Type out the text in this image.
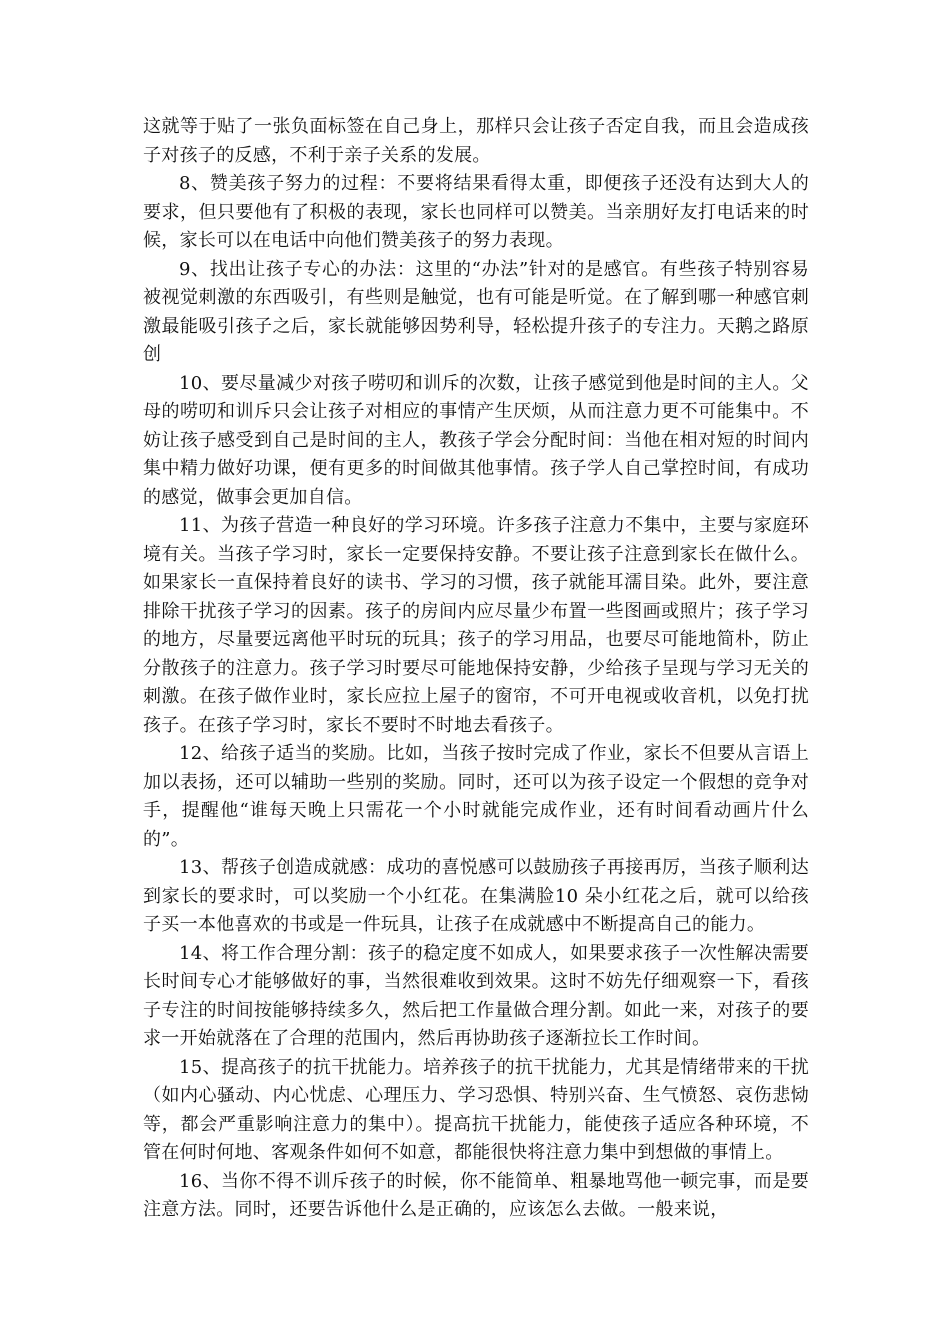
这就等于贴了一张负面标签在自己身上，那样只会让孩子否定自我，而且会造成孩子对孩子的反感，不利于亲子关系的发展。

8、赞美孩子努力的过程：不要将结果看得太重，即便孩子还没有达到大人的要求，但只要他有了积极的表现，家长也同样可以赞美。当亲朋好友打电话来的时候，家长可以在电话中向他们赞美孩子的努力表现。

9、找出让孩子专心的办法：这里的“办法”针对的是感官。有些孩子特别容易被视觉刺激的东西吸引，有些则是触觉，也有可能是听觉。在了解到哪一种感官刺激最能吸引孩子之后，家长就能够因势利导，轻松提升孩子的专注力。天鹅之路原创

10、要尽量减少对孩子唠叨和训斥的次数，让孩子感觉到他是时间的主人。父母的唠叨和训斥只会让孩子对相应的事情产生厌烦，从而注意力更不可能集中。不妨让孩子感受到自己是时间的主人，教孩子学会分配时间：当他在相对短的时间内集中精力做好功课，便有更多的时间做其他事情。孩子学人自己掌控时间，有成功的感觉，做事会更加自信。

11、为孩子营造一种良好的学习环境。许多孩子注意力不集中，主要与家庭环境有关。当孩子学习时，家长一定要保持安静。不要让孩子注意到家长在做什么。如果家长一直保持着良好的读书、学习的习惯，孩子就能耳濡目染。此外，要注意排除干扰孩子学习的因素。孩子的房间内应尽量少布置一些图画或照片；孩子学习的地方，尽量要远离他平时玩的玩具；孩子的学习用品，也要尽可能地简朴，防止分散孩子的注意力。孩子学习时要尽可能地保持安静，少给孩子呈现与学习无关的刺激。在孩子做作业时，家长应拉上屋子的窗帘，不可开电视或收音机，以免打扰孩子。在孩子学习时，家长不要时不时地去看孩子。

12、给孩子适当的奖励。比如，当孩子按时完成了作业，家长不但要从言语上加以表扬，还可以辅助一些别的奖励。同时，还可以为孩子设定一个假想的竞争对手，提醒他“谁每天晚上只需花一个小时就能完成作业，还有时间看动画片什么的”。

13、帮孩子创造成就感：成功的喜悦感可以鼓励孩子再接再厉，当孩子顺利达到家长的要求时，可以奖励一个小红花。在集满脸10 朵小红花之后，就可以给孩子买一本他喜欢的书或是一件玩具，让孩子在成就感中不断提高自己的能力。

14、将工作合理分割：孩子的稳定度不如成人，如果要求孩子一次性解决需要长时间专心才能够做好的事，当然很难收到效果。这时不妨先仔细观察一下，看孩子专注的时间按能够持续多久，然后把工作量做合理分割。如此一来，对孩子的要求一开始就落在了合理的范围内，然后再协助孩子逐渐拉长工作时间。

15、提高孩子的抗干扰能力。培养孩子的抗干扰能力，尤其是情绪带来的干扰（如内心骚动、内心忧虑、心理压力、学习恐惧、特别兴奋、生气愤怒、哀伤悲恸等，都会严重影响注意力的集中）。提高抗干扰能力，能使孩子适应各种环境，不管在何时何地、客观条件如何不如意，都能很快将注意力集中到想做的事情上。

16、当你不得不训斥孩子的时候，你不能简单、粗暴地骂他一顿完事，而是要注意方法。同时，还要告诉他什么是正确的，应该怎么去做。一般来说，
